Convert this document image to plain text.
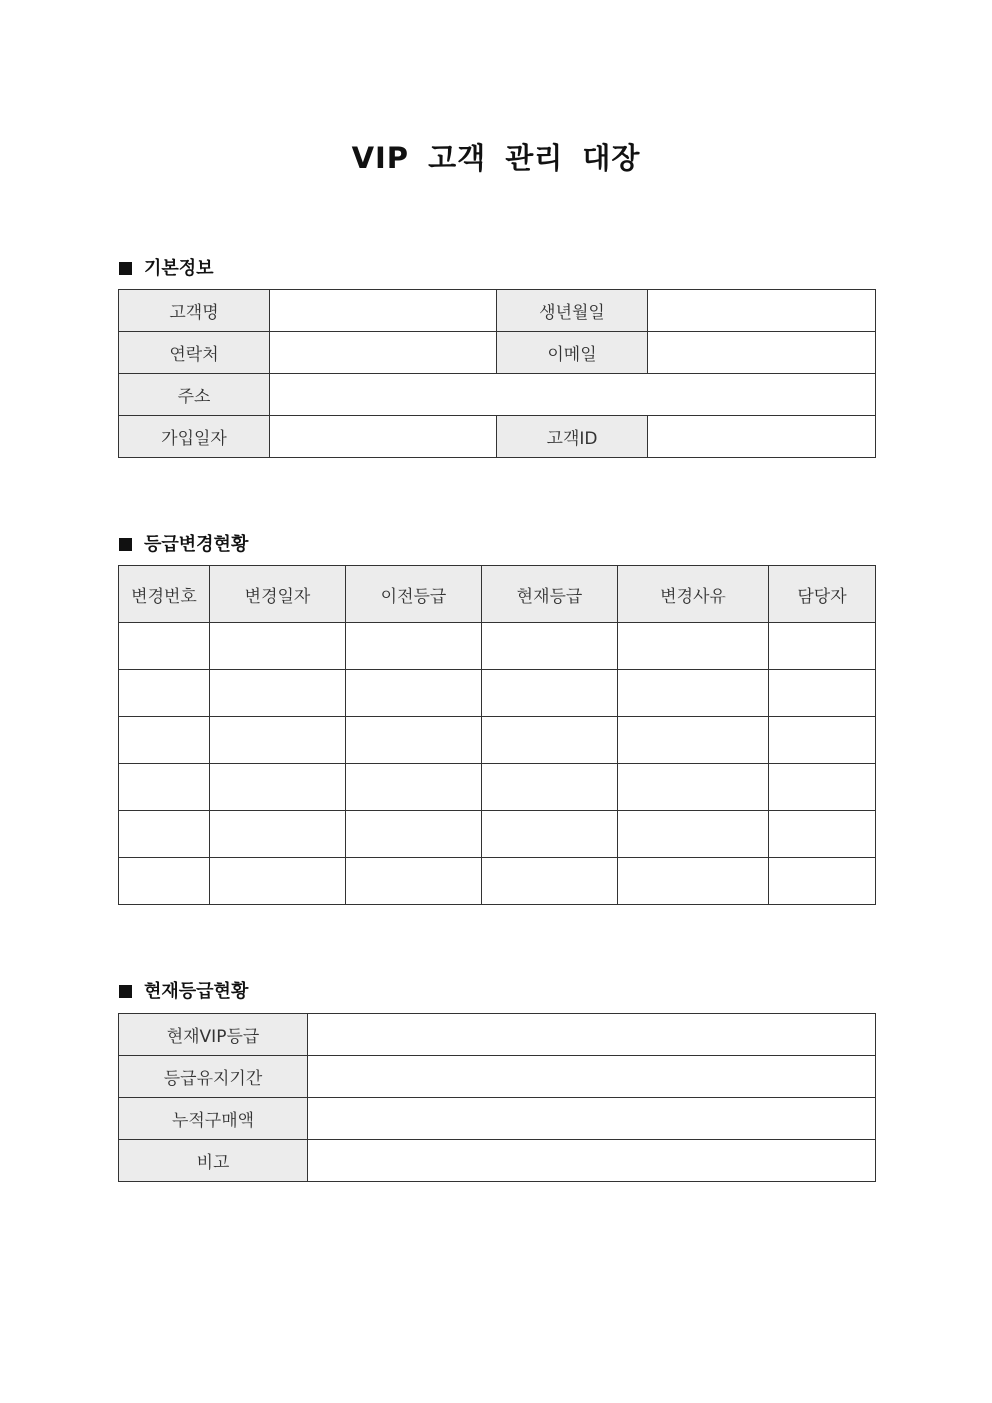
VIP 고객 관리 대장
기본정보
고객명		생년월일	
연락처		이메일	
주소			
가입일자		고객ID	
등급변경현황
변경번호	변경일자	이전등급	현재등급	변경사유	담당자

현재등급현황
현재VIP등급	
등급유지기간	
누적구매액	
비고	
